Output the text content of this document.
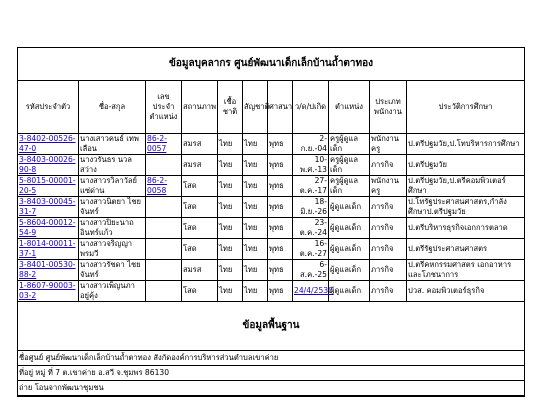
ข้อมูลบุคลากร ศูนย์พัฒนาเด็กเล็กบ้านถ้ำตาทอง										
รหัสประจำตัว	ชื่อ-สกุล	เลขประจำตำแหน่ง	สถานภาพ	เชื้อชาติ	สัญชาติ	ศาสนา	ว/ด/ปเกิด	ตำแหน่ง	ประเภทพนักงาน	ประวัติการศึกษา
3-8402-00526-47-0	นางเสาวคนธ์ เทพเลือน	86-2-0057	สมรส	ไทย	ไทย	พุทธ	2-ก.ย.-04	ครูผู้ดูแลเด็ก	พนักงานครู	ป.ตรีปฐมวัย,ป.โทบริหารการศึกษา
3-8403-00026-90-8	นางวรันธร นวลสว่าง		สมรส	ไทย	ไทย	พุทธ	10-พ.ศ.-13	ครูผู้ดูแลเด็ก	ภารกิจ	ป.ตรีปฐมวัย
5-8015-00001-20-5	นางสาวรวิลาวัลย์ แซ่ด่าน	86-2-0058	โสด	ไทย	ไทย	พุทธ	27-ต.ค.-17	ครูผู้ดูแลเด็ก	พนักงานครู	ป.ตรีปฐมวัย,ป.ตรีคอมพิวเตอร์ศึกษา
3-8403-00045-31-7	นางสาวนิตยา ไชยจันทร์		โสด	ไทย	ไทย	พุทธ	18-มิ.ย.-26	ผู้ดูแลเด็ก	ภารกิจ	ป.โทรัฐประศาสนศาสตร,กำลังศึกษาป.ตรีปฐมวัย
5-8604-00012-54-9	นางสาวปิยะนาถ อินทร์แก้ว		โสด	ไทย	ไทย	พุทธ	23-ต.ค.-24	ผู้ดูแลเด็ก	ภารกิจ	ป.ตรีบริหารธุรกิจเอกการตลาด
1-8014-00011-37-1	นางสาวจริญญา พรมวี		โสด	ไทย	ไทย	พุทธ	16-ต.ค.-27	ผู้ดูแลเด็ก	ภารกิจ	ป.ตรีรัฐประศาสนศาสตร
3-8401-00530-88-2	นางสาวรัชดา ไชยจันทร์		สมรส	ไทย	ไทย	พุทธ	6-ส.ค.-25	ผู้ดูแลเด็ก	ภารกิจ	ป.ตรีคหกรรมศาสตร เอกอาหารและโภชนาการ
1-8607-90003-03-2	นางสาวเพ็ญนภา อยู่คุ้ง		โสด	ไทย	ไทย	พุทธ	24/4/2530	ผู้ดูแลเด็ก	ภารกิจ	ปวส. คอมพิวเตอร์ธุรกิจ
ข้อมูลพื้นฐาน										
ชื่อศูนย์ ศูนย์พัฒนาเด็กเล็กบ้านถ้ำตาทอง สังกัดองค์การบริหารส่วนตำบลเขาค่าย										
ที่อยู่ หมู่ ที่ 7 ต.เขาค่าย อ.สวี จ.ชุมพร 86130										
ถ่าย โอนจากพัฒนาชุมชน										
